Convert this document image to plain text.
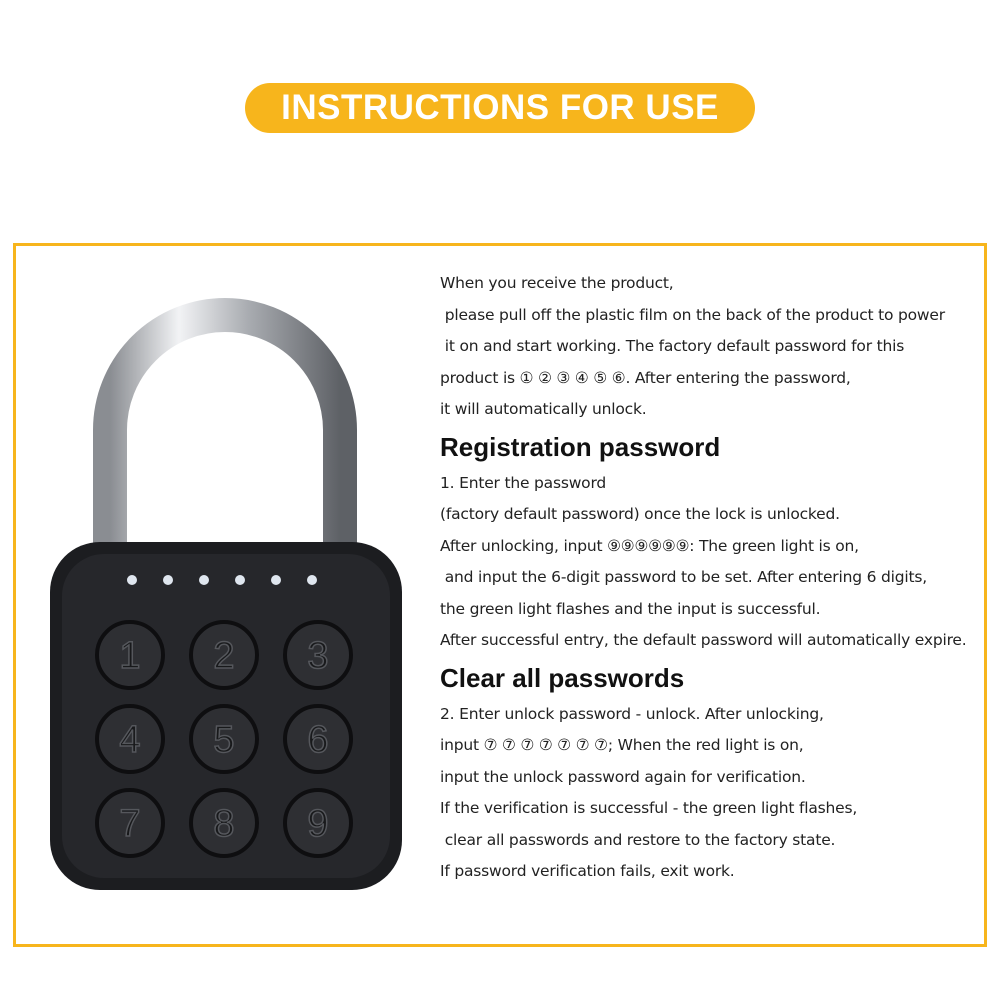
INSTRUCTIONS FOR USE
1 2 3
4 5 6
7 8 9
When you receive the product,
please pull off the plastic film on the back of the product to power
it on and start working. The factory default password for this
product is ① ② ③ ④ ⑤ ⑥. After entering the password,
it will automatically unlock.
Registration password
1. Enter the password
(factory default password) once the lock is unlocked.
After unlocking, input ⑨⑨⑨⑨⑨⑨: The green light is on,
and input the 6-digit password to be set. After entering 6 digits,
the green light flashes and the input is successful.
After successful entry, the default password will automatically expire.
Clear all passwords
2. Enter unlock password - unlock. After unlocking,
input ⑦ ⑦ ⑦ ⑦ ⑦ ⑦ ⑦; When the red light is on,
input the unlock password again for verification.
If the verification is successful - the green light flashes,
clear all passwords and restore to the factory state.
If password verification fails, exit work.
